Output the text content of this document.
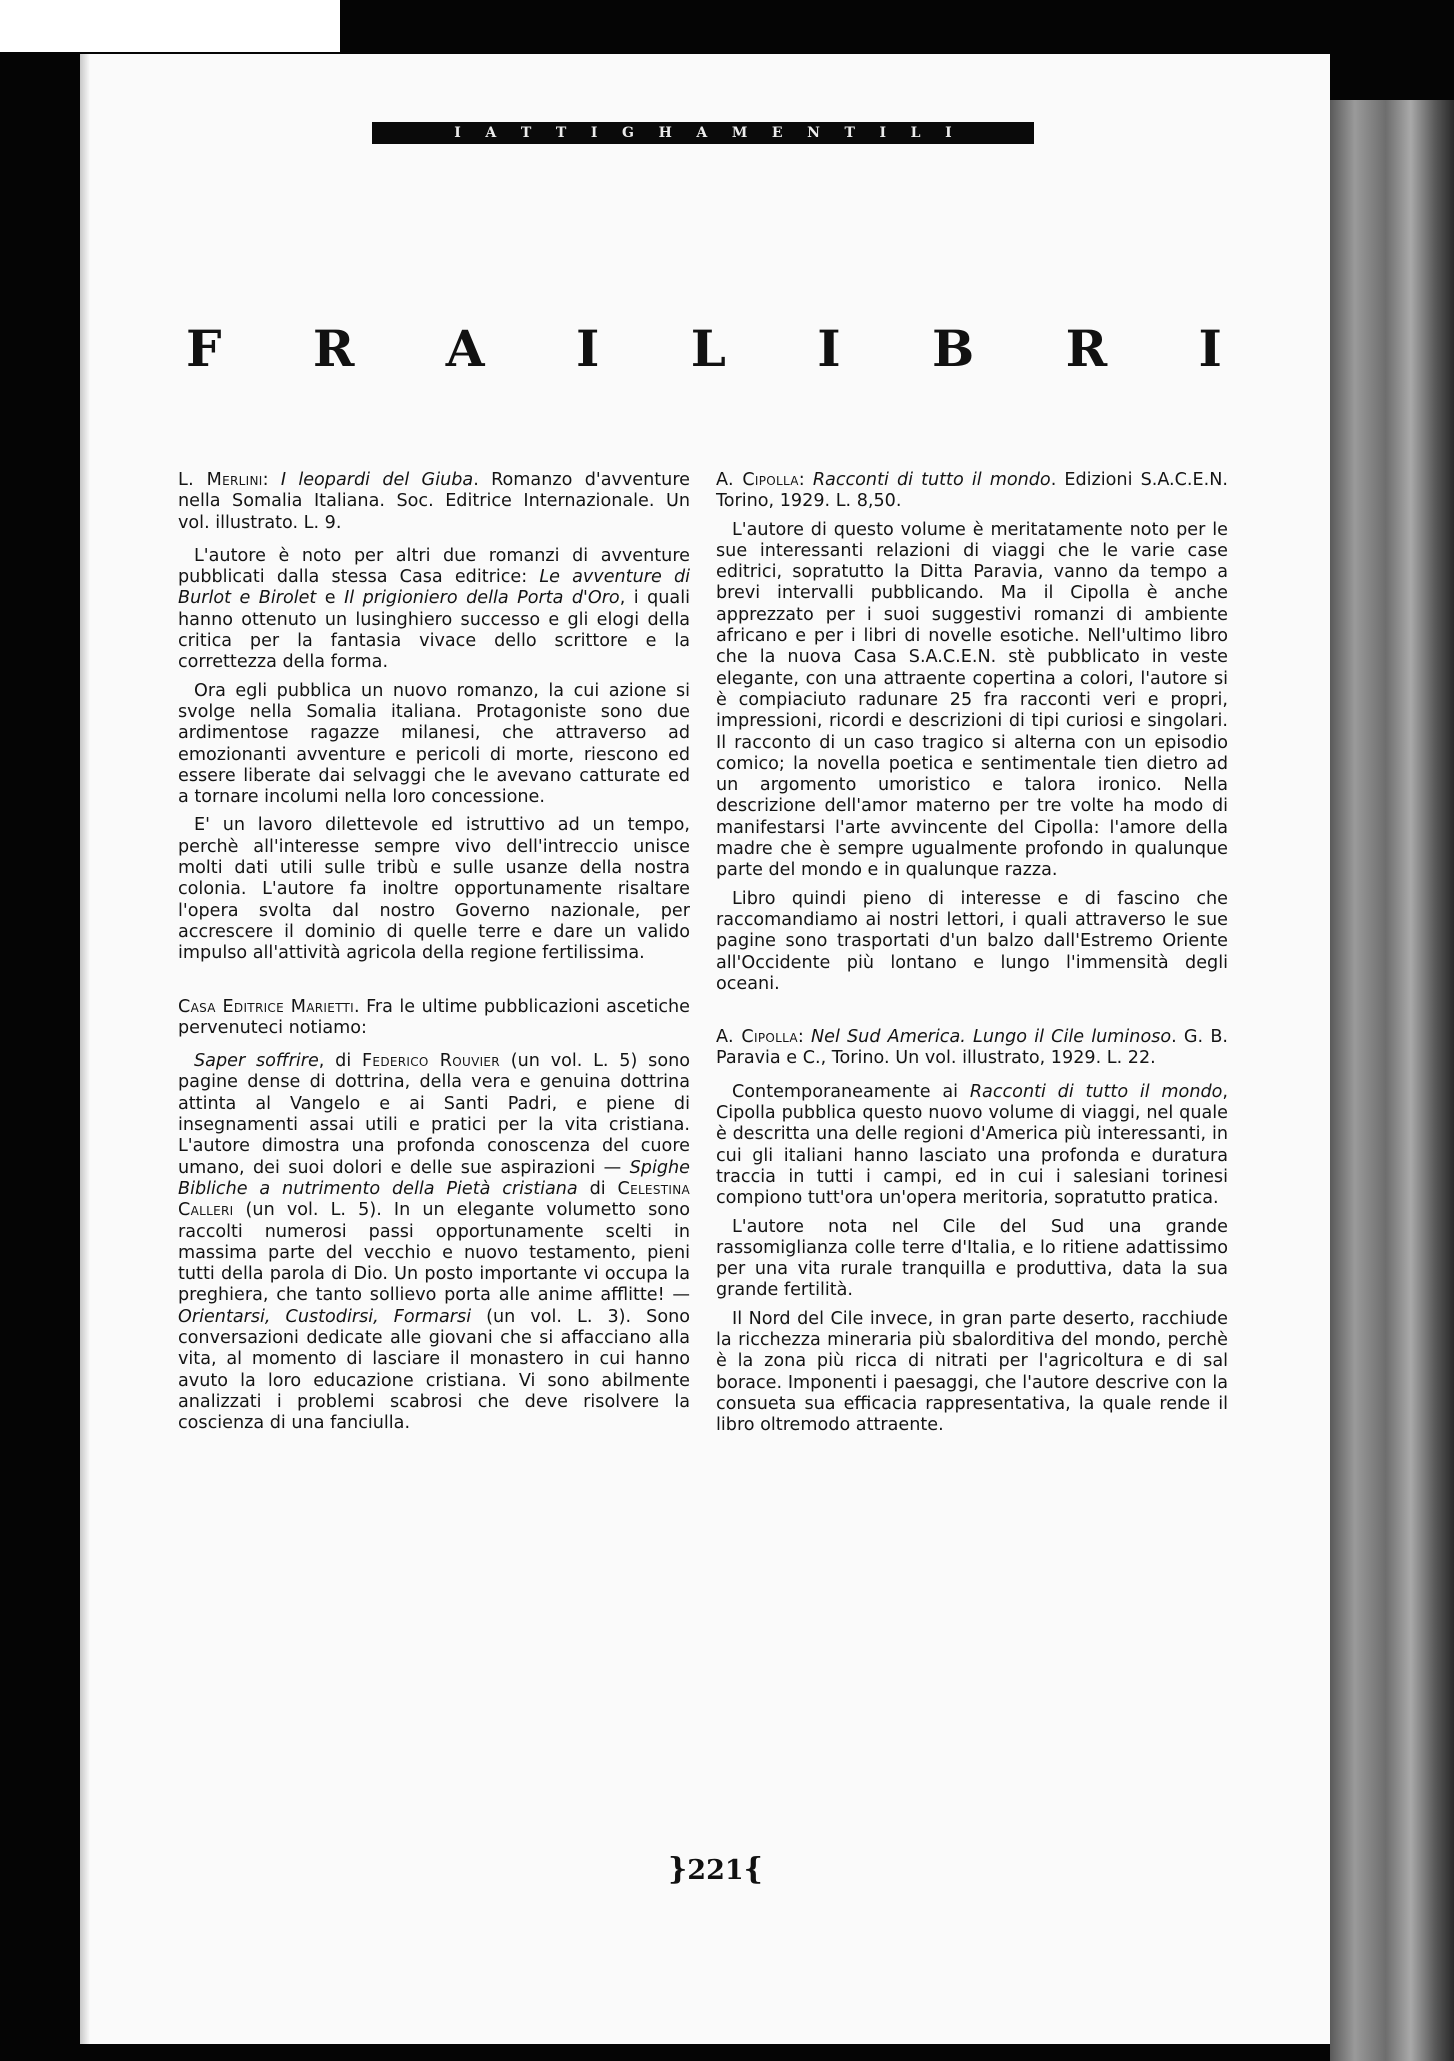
I A T T I G H A M E N T I L I
F R A I L I B R I

L. Merlini: I leopardi del Giuba. Romanzo d'avventure nella Somalia Italiana. Soc. Editrice Internazionale. Un vol. illustrato. L. 9.

L'autore è noto per altri due romanzi di avventure pubblicati dalla stessa Casa editrice: Le avventure di Burlot e Birolet e Il prigioniero della Porta d'Oro, i quali hanno ottenuto un lusinghiero successo e gli elogi della critica per la fantasia vivace dello scrittore e la correttezza della forma.

Ora egli pubblica un nuovo romanzo, la cui azione si svolge nella Somalia italiana. Protagoniste sono due ardimentose ragazze milanesi, che attraverso ad emozionanti avventure e pericoli di morte, riescono ed essere liberate dai selvaggi che le avevano catturate ed a tornare incolumi nella loro concessione.

E' un lavoro dilettevole ed istruttivo ad un tempo, perchè all'interesse sempre vivo dell'intreccio unisce molti dati utili sulle tribù e sulle usanze della nostra colonia. L'autore fa inoltre opportunamente risaltare l'opera svolta dal nostro Governo nazionale, per accrescere il dominio di quelle terre e dare un valido impulso all'attività agricola della regione fertilissima.

Casa Editrice Marietti. Fra le ultime pubblicazioni ascetiche pervenuteci notiamo:

Saper soffrire, di Federico Rouvier (un vol. L. 5) sono pagine dense di dottrina, della vera e genuina dottrina attinta al Vangelo e ai Santi Padri, e piene di insegnamenti assai utili e pratici per la vita cristiana. L'autore dimostra una profonda conoscenza del cuore umano, dei suoi dolori e delle sue aspirazioni — Spighe Bibliche a nutrimento della Pietà cristiana di Celestina Calleri (un vol. L. 5). In un elegante volumetto sono raccolti numerosi passi opportunamente scelti in massima parte del vecchio e nuovo testamento, pieni tutti della parola di Dio. Un posto importante vi occupa la preghiera, che tanto sollievo porta alle anime afflitte! — Orientarsi, Custodirsi, Formarsi (un vol. L. 3). Sono conversazioni dedicate alle giovani che si affacciano alla vita, al momento di lasciare il monastero in cui hanno avuto la loro educazione cristiana. Vi sono abilmente analizzati i problemi scabrosi che deve risolvere la coscienza di una fanciulla.

A. Cipolla: Racconti di tutto il mondo. Edizioni S.A.C.E.N. Torino, 1929. L. 8,50.

L'autore di questo volume è meritatamente noto per le sue interessanti relazioni di viaggi che le varie case editrici, sopratutto la Ditta Paravia, vanno da tempo a brevi intervalli pubblicando. Ma il Cipolla è anche apprezzato per i suoi suggestivi romanzi di ambiente africano e per i libri di novelle esotiche. Nell'ultimo libro che la nuova Casa S.A.C.E.N. stè pubblicato in veste elegante, con una attraente copertina a colori, l'autore si è compiaciuto radunare 25 fra racconti veri e propri, impressioni, ricordi e descrizioni di tipi curiosi e singolari. Il racconto di un caso tragico si alterna con un episodio comico; la novella poetica e sentimentale tien dietro ad un argomento umoristico e talora ironico. Nella descrizione dell'amor materno per tre volte ha modo di manifestarsi l'arte avvincente del Cipolla: l'amore della madre che è sempre ugualmente profondo in qualunque parte del mondo e in qualunque razza.

Libro quindi pieno di interesse e di fascino che raccomandiamo ai nostri lettori, i quali attraverso le sue pagine sono trasportati d'un balzo dall'Estremo Oriente all'Occidente più lontano e lungo l'immensità degli oceani.

A. Cipolla: Nel Sud America. Lungo il Cile luminoso. G. B. Paravia e C., Torino. Un vol. illustrato, 1929. L. 22.

Contemporaneamente ai Racconti di tutto il mondo, Cipolla pubblica questo nuovo volume di viaggi, nel quale è descritta una delle regioni d'America più interessanti, in cui gli italiani hanno lasciato una profonda e duratura traccia in tutti i campi, ed in cui i salesiani torinesi compiono tutt'ora un'opera meritoria, sopratutto pratica.

L'autore nota nel Cile del Sud una grande rassomiglianza colle terre d'Italia, e lo ritiene adattissimo per una vita rurale tranquilla e produttiva, data la sua grande fertilità.

Il Nord del Cile invece, in gran parte deserto, racchiude la ricchezza mineraria più sbalorditiva del mondo, perchè è la zona più ricca di nitrati per l'agricoltura e di sal borace. Imponenti i paesaggi, che l'autore descrive con la consueta sua efficacia rappresentativa, la quale rende il libro oltremodo attraente.

}221{
